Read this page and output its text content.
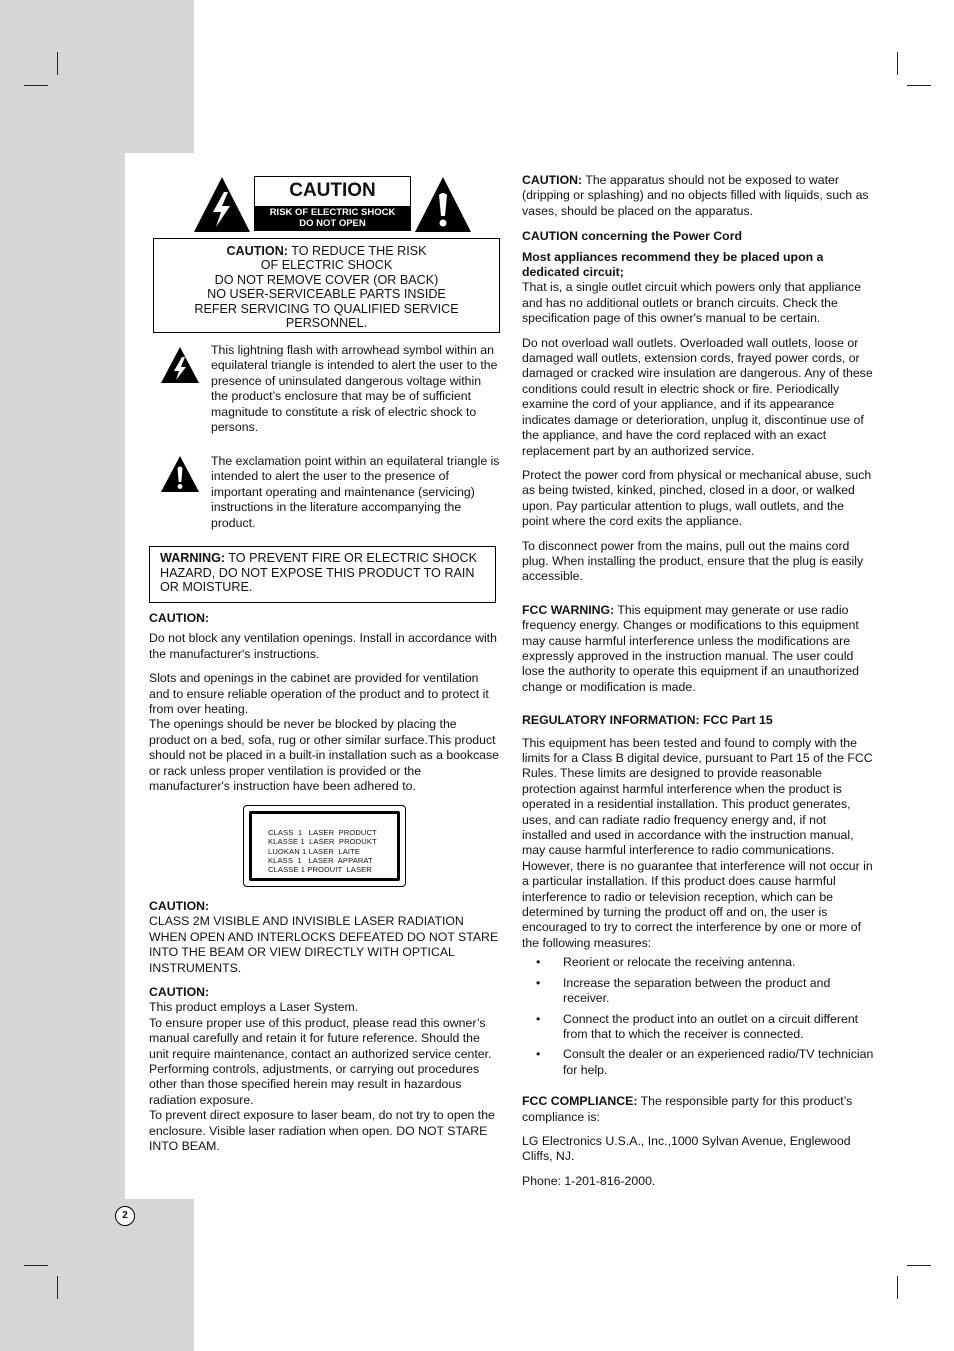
CAUTION
RISK OF ELECTRIC SHOCK
DO NOT OPEN
CAUTION: TO REDUCE THE RISK
OF ELECTRIC SHOCK
DO NOT REMOVE COVER (OR BACK)
NO USER-SERVICEABLE PARTS INSIDE
REFER SERVICING TO QUALIFIED SERVICE
PERSONNEL.
This lightning flash with arrowhead symbol within an equilateral triangle is intended to alert the user to the presence of uninsulated dangerous voltage within the product’s enclosure that may be of sufficient magnitude to constitute a risk of electric shock to persons.
The exclamation point within an equilateral triangle is intended to alert the user to the presence of important operating and maintenance (servicing) instructions in the literature accompanying the product.
WARNING: TO PREVENT FIRE OR ELECTRIC SHOCK HAZARD, DO NOT EXPOSE THIS PRODUCT TO RAIN OR MOISTURE.
CAUTION:

Do not block any ventilation openings. Install in accordance with the manufacturer's instructions.

Slots and openings in the cabinet are provided for ventilation and to ensure reliable operation of the product and to protect it from over heating.

The openings should be never be blocked by placing the product on a bed, sofa, rug or other similar surface.This product should not be placed in a built-in installation such as a bookcase or rack unless proper ventilation is provided or the manufacturer's instruction have been adhered to.

CLASS  1   LASER  PRODUCT
KLASSE 1  LASER  PRODUKT
LUOKAN 1 LASER  LAITE
KLASS  1   LASER  APPARAT
CLASSE 1 PRODUIT  LASER
CAUTION:

CLASS 2M VISIBLE AND INVISIBLE LASER RADIATION WHEN OPEN AND INTERLOCKS DEFEATED DO NOT STARE INTO THE BEAM OR VIEW DIRECTLY WITH OPTICAL INSTRUMENTS.

CAUTION:
This product employs a Laser System.
To ensure proper use of this product, please read this owner’s manual carefully and retain it for future reference. Should the unit require maintenance, contact an authorized service center.
Performing controls, adjustments, or carrying out procedures other than those specified herein may result in hazardous radiation exposure.
To prevent direct exposure to laser beam, do not try to open the enclosure. Visible laser radiation when open. DO NOT STARE INTO BEAM.

CAUTION: The apparatus should not be exposed to water (dripping or splashing) and no objects filled with liquids, such as vases, should be placed on the apparatus.

CAUTION concerning the Power Cord
Most appliances recommend they be placed upon a dedicated circuit;

That is, a single outlet circuit which powers only that appliance and has no additional outlets or branch circuits. Check the specification page of this owner's manual to be certain.

Do not overload wall outlets. Overloaded wall outlets, loose or damaged wall outlets, extension cords, frayed power cords, or damaged or cracked wire insulation are dangerous. Any of these conditions could result in electric shock or fire. Periodically examine the cord of your appliance, and if its appearance indicates damage or deterioration, unplug it, discontinue use of the appliance, and have the cord replaced with an exact replacement part by an authorized service.

Protect the power cord from physical or mechanical abuse, such as being twisted, kinked, pinched, closed in a door, or walked upon. Pay particular attention to plugs, wall outlets, and the point where the cord exits the appliance.

To disconnect power from the mains, pull out the mains cord plug. When installing the product, ensure that the plug is easily accessible.

FCC WARNING: This equipment may generate or use radio frequency energy. Changes or modifications to this equipment may cause harmful interference unless the modifications are expressly approved in the instruction manual. The user could lose the authority to operate this equipment if an unauthorized change or modification is made.

REGULATORY INFORMATION: FCC Part 15

This equipment has been tested and found to comply with the limits for a Class B digital device, pursuant to Part 15 of the FCC Rules. These limits are designed to provide reasonable protection against harmful interference when the product is operated in a residential installation. This product generates, uses, and can radiate radio frequency energy and, if not installed and used in accordance with the instruction manual, may cause harmful interference to radio communications. However, there is no guarantee that interference will not occur in a particular installation. If this product does cause harmful interference to radio or television reception, which can be determined by turning the product off and on, the user is encouraged to try to correct the interference by one or more of the following measures:

• Reorient or relocate the receiving antenna.
• Increase the separation between the product and receiver.
• Connect the product into an outlet on a circuit different from that to which the receiver is connected.
• Consult the dealer or an experienced radio/TV technician for help.

FCC COMPLIANCE: The responsible party for this product’s compliance is:

LG Electronics U.S.A., Inc.,1000 Sylvan Avenue, Englewood Cliffs, NJ.

Phone: 1-201-816-2000.

2
